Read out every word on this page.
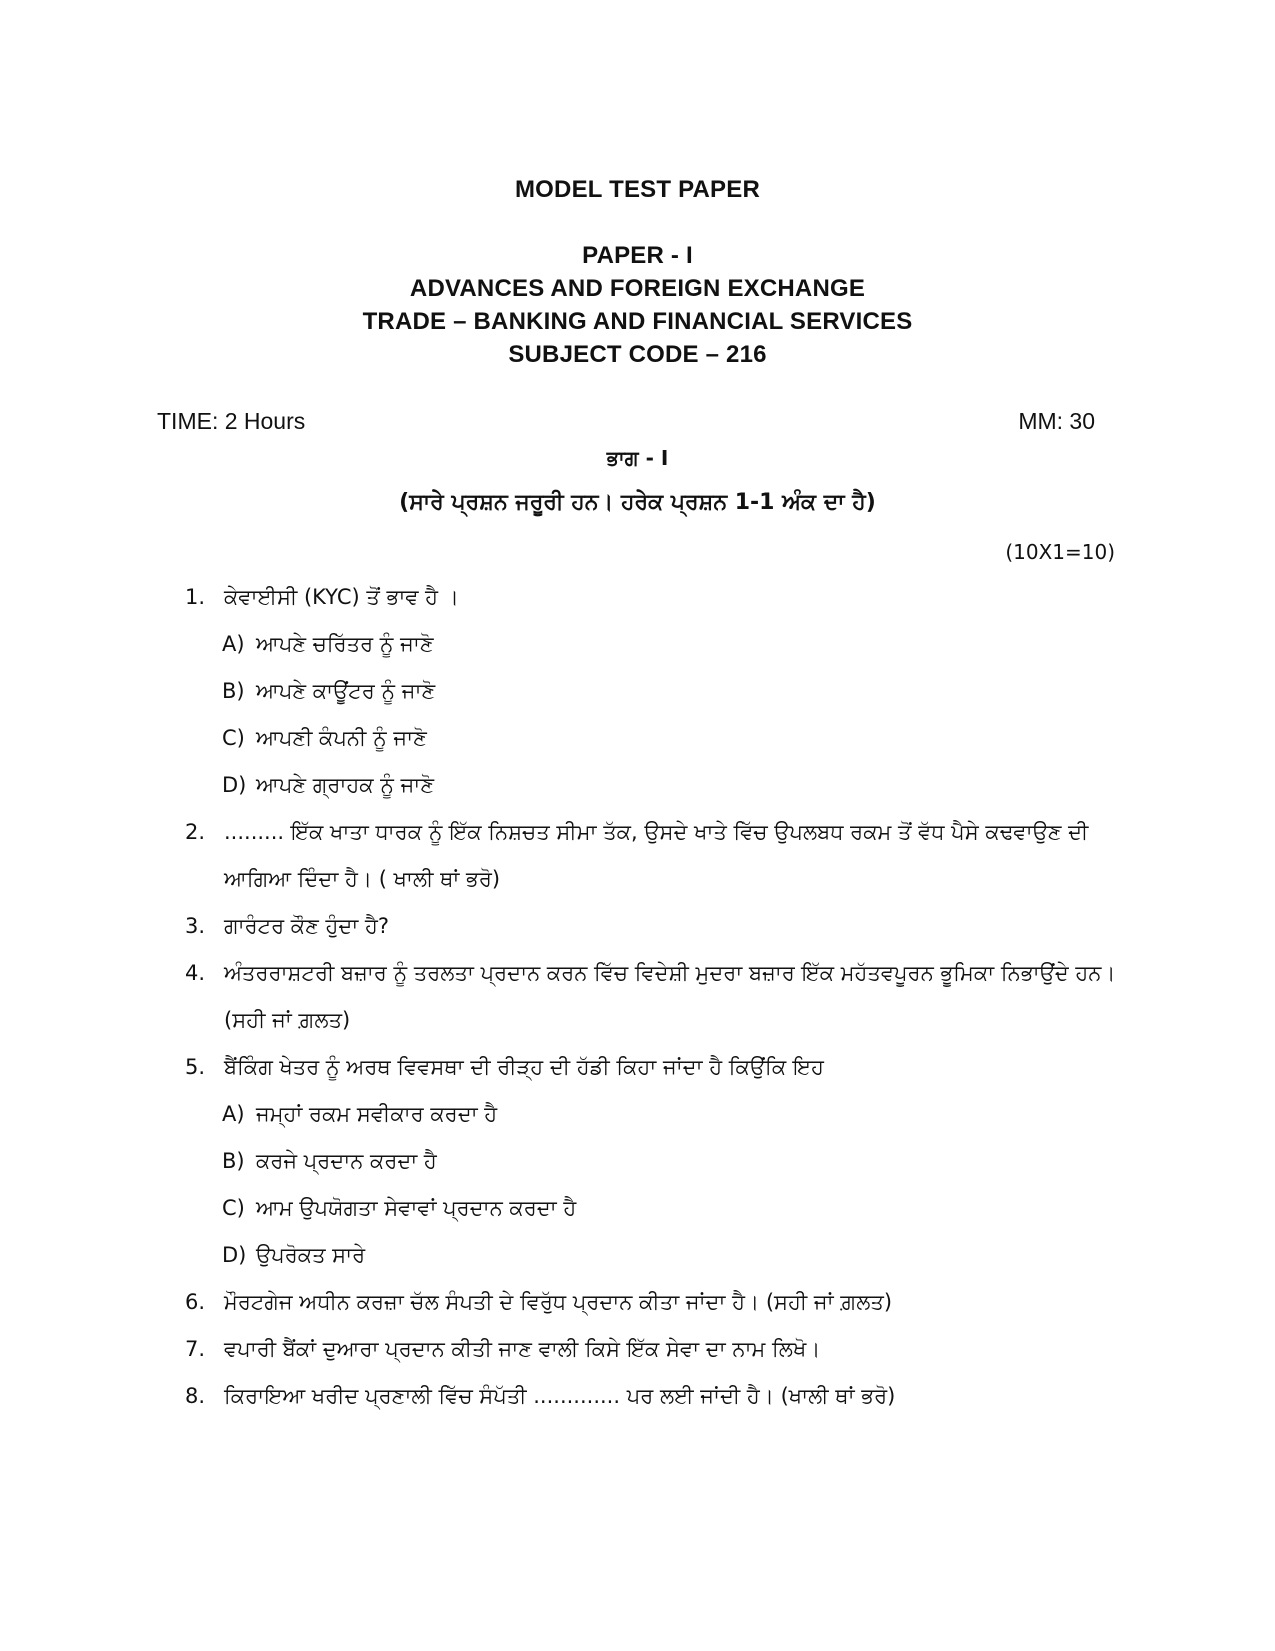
MODEL TEST PAPER
PAPER - I
ADVANCES AND FOREIGN EXCHANGE
TRADE – BANKING AND FINANCIAL SERVICES
SUBJECT CODE – 216
TIME: 2 Hours	MM: 30
ਭਾਗ - I
(ਸਾਰੇ ਪ੍ਰਸ਼ਨ ਜਰੂਰੀ ਹਨ। ਹਰੇਕ ਪ੍ਰਸ਼ਨ 1-1 ਅੰਕ ਦਾ ਹੈ)
(10X1=10)
1. ਕੇਵਾਈਸੀ (KYC) ਤੋਂ ਭਾਵ ਹੈ ।
A) ਆਪਣੇ ਚਰਿੱਤਰ ਨੂੰ ਜਾਣੋ
B) ਆਪਣੇ ਕਾਊਂਟਰ ਨੂੰ ਜਾਣੋ
C) ਆਪਣੀ ਕੰਪਨੀ ਨੂੰ ਜਾਣੋ
D) ਆਪਣੇ ਗ੍ਰਾਹਕ ਨੂੰ ਜਾਣੋ
2. ......... ਇੱਕ ਖਾਤਾ ਧਾਰਕ ਨੂੰ ਇੱਕ ਨਿਸ਼ਚਤ ਸੀਮਾ ਤੱਕ, ਉਸਦੇ ਖਾਤੇ ਵਿੱਚ ਉਪਲਬਧ ਰਕਮ ਤੋਂ ਵੱਧ ਪੈਸੇ ਕਢਵਾਉਣ ਦੀ ਆਗਿਆ ਦਿੰਦਾ ਹੈ। ( ਖਾਲੀ ਥਾਂ ਭਰੋ)
3. ਗਾਰੰਟਰ ਕੌਣ ਹੁੰਦਾ ਹੈ?
4. ਅੰਤਰਰਾਸ਼ਟਰੀ ਬਜ਼ਾਰ ਨੂੰ ਤਰਲਤਾ ਪ੍ਰਦਾਨ ਕਰਨ ਵਿੱਚ ਵਿਦੇਸ਼ੀ ਮੁਦਰਾ ਬਜ਼ਾਰ ਇੱਕ ਮਹੱਤਵਪੂਰਨ ਭੂਮਿਕਾ ਨਿਭਾਉਂਦੇ ਹਨ। (ਸਹੀ ਜਾਂ ਗ਼ਲਤ)
5. ਬੈਂਕਿੰਗ ਖੇਤਰ ਨੂੰ ਅਰਥ ਵਿਵਸਥਾ ਦੀ ਰੀੜ੍ਹ ਦੀ ਹੱਡੀ ਕਿਹਾ ਜਾਂਦਾ ਹੈ ਕਿਉਂਕਿ ਇਹ
A) ਜਮ੍ਹਾਂ ਰਕਮ ਸਵੀਕਾਰ ਕਰਦਾ ਹੈ
B) ਕਰਜੇ ਪ੍ਰਦਾਨ ਕਰਦਾ ਹੈ
C) ਆਮ ਉਪਯੋਗਤਾ ਸੇਵਾਵਾਂ ਪ੍ਰਦਾਨ ਕਰਦਾ ਹੈ
D) ਉਪਰੋਕਤ ਸਾਰੇ
6. ਮੌਰਟਗੇਜ ਅਧੀਨ ਕਰਜ਼ਾ ਚੱਲ ਸੰਪਤੀ ਦੇ ਵਿਰੁੱਧ ਪ੍ਰਦਾਨ ਕੀਤਾ ਜਾਂਦਾ ਹੈ। (ਸਹੀ ਜਾਂ ਗ਼ਲਤ)
7. ਵਪਾਰੀ ਬੈਂਕਾਂ ਦੁਆਰਾ ਪ੍ਰਦਾਨ ਕੀਤੀ ਜਾਣ ਵਾਲੀ ਕਿਸੇ ਇੱਕ ਸੇਵਾ ਦਾ ਨਾਮ ਲਿਖੋ।
8. ਕਿਰਾਇਆ ਖਰੀਦ ਪ੍ਰਣਾਲੀ ਵਿੱਚ ਸੰਪੱਤੀ ............. ਪਰ ਲਈ ਜਾਂਦੀ ਹੈ। (ਖਾਲੀ ਥਾਂ ਭਰੋ)
